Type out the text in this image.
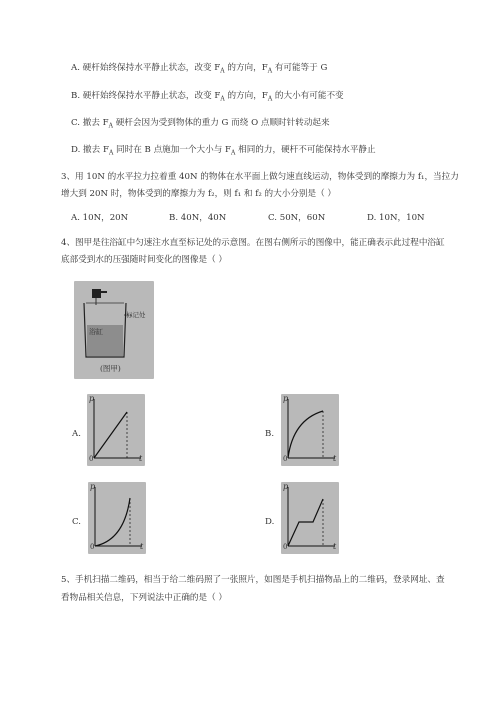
A. 硬杆始终保持水平静止状态，改变 $F_A$ 的方向，$F_A$ 有可能等于 G
B. 硬杆始终保持水平静止状态，改变 $F_A$ 的方向，$F_A$ 的大小有可能不变
C. 撤去 $F_A$ 硬杆会因为受到物体的重力 G 而绕 O 点顺时针转动起来
D. 撤去 $F_A$ 同时在 B 点施加一个大小与 $F_A$ 相同的力，硬杆不可能保持水平静止
3、用 10N 的水平拉力拉着重 40N 的物体在水平面上做匀速直线运动，物体受到的摩擦力为 f₁，当拉力
增大到 20N 时，物体受到的摩擦力为 f₂，则 f₁ 和 f₂ 的大小分别是（ ）
A. 10N，20N	B. 40N，40N	C. 50N，60N	D. 10N，10N
4、图甲是往浴缸中匀速注水直至标记处的示意图。在图右侧所示的图像中，能正确表示此过程中浴缸
底部受到水的压强随时间变化的图像是（ ）
浴缸
标记处
(图甲)
A.
p
0	t
B.
p
0	t
C.
p
0	t
D.
p
0	t
5、手机扫描二维码，相当于给二维码照了一张照片，如图是手机扫描物品上的二维码，登录网址、查
看物品相关信息，下列说法中正确的是（ ）
